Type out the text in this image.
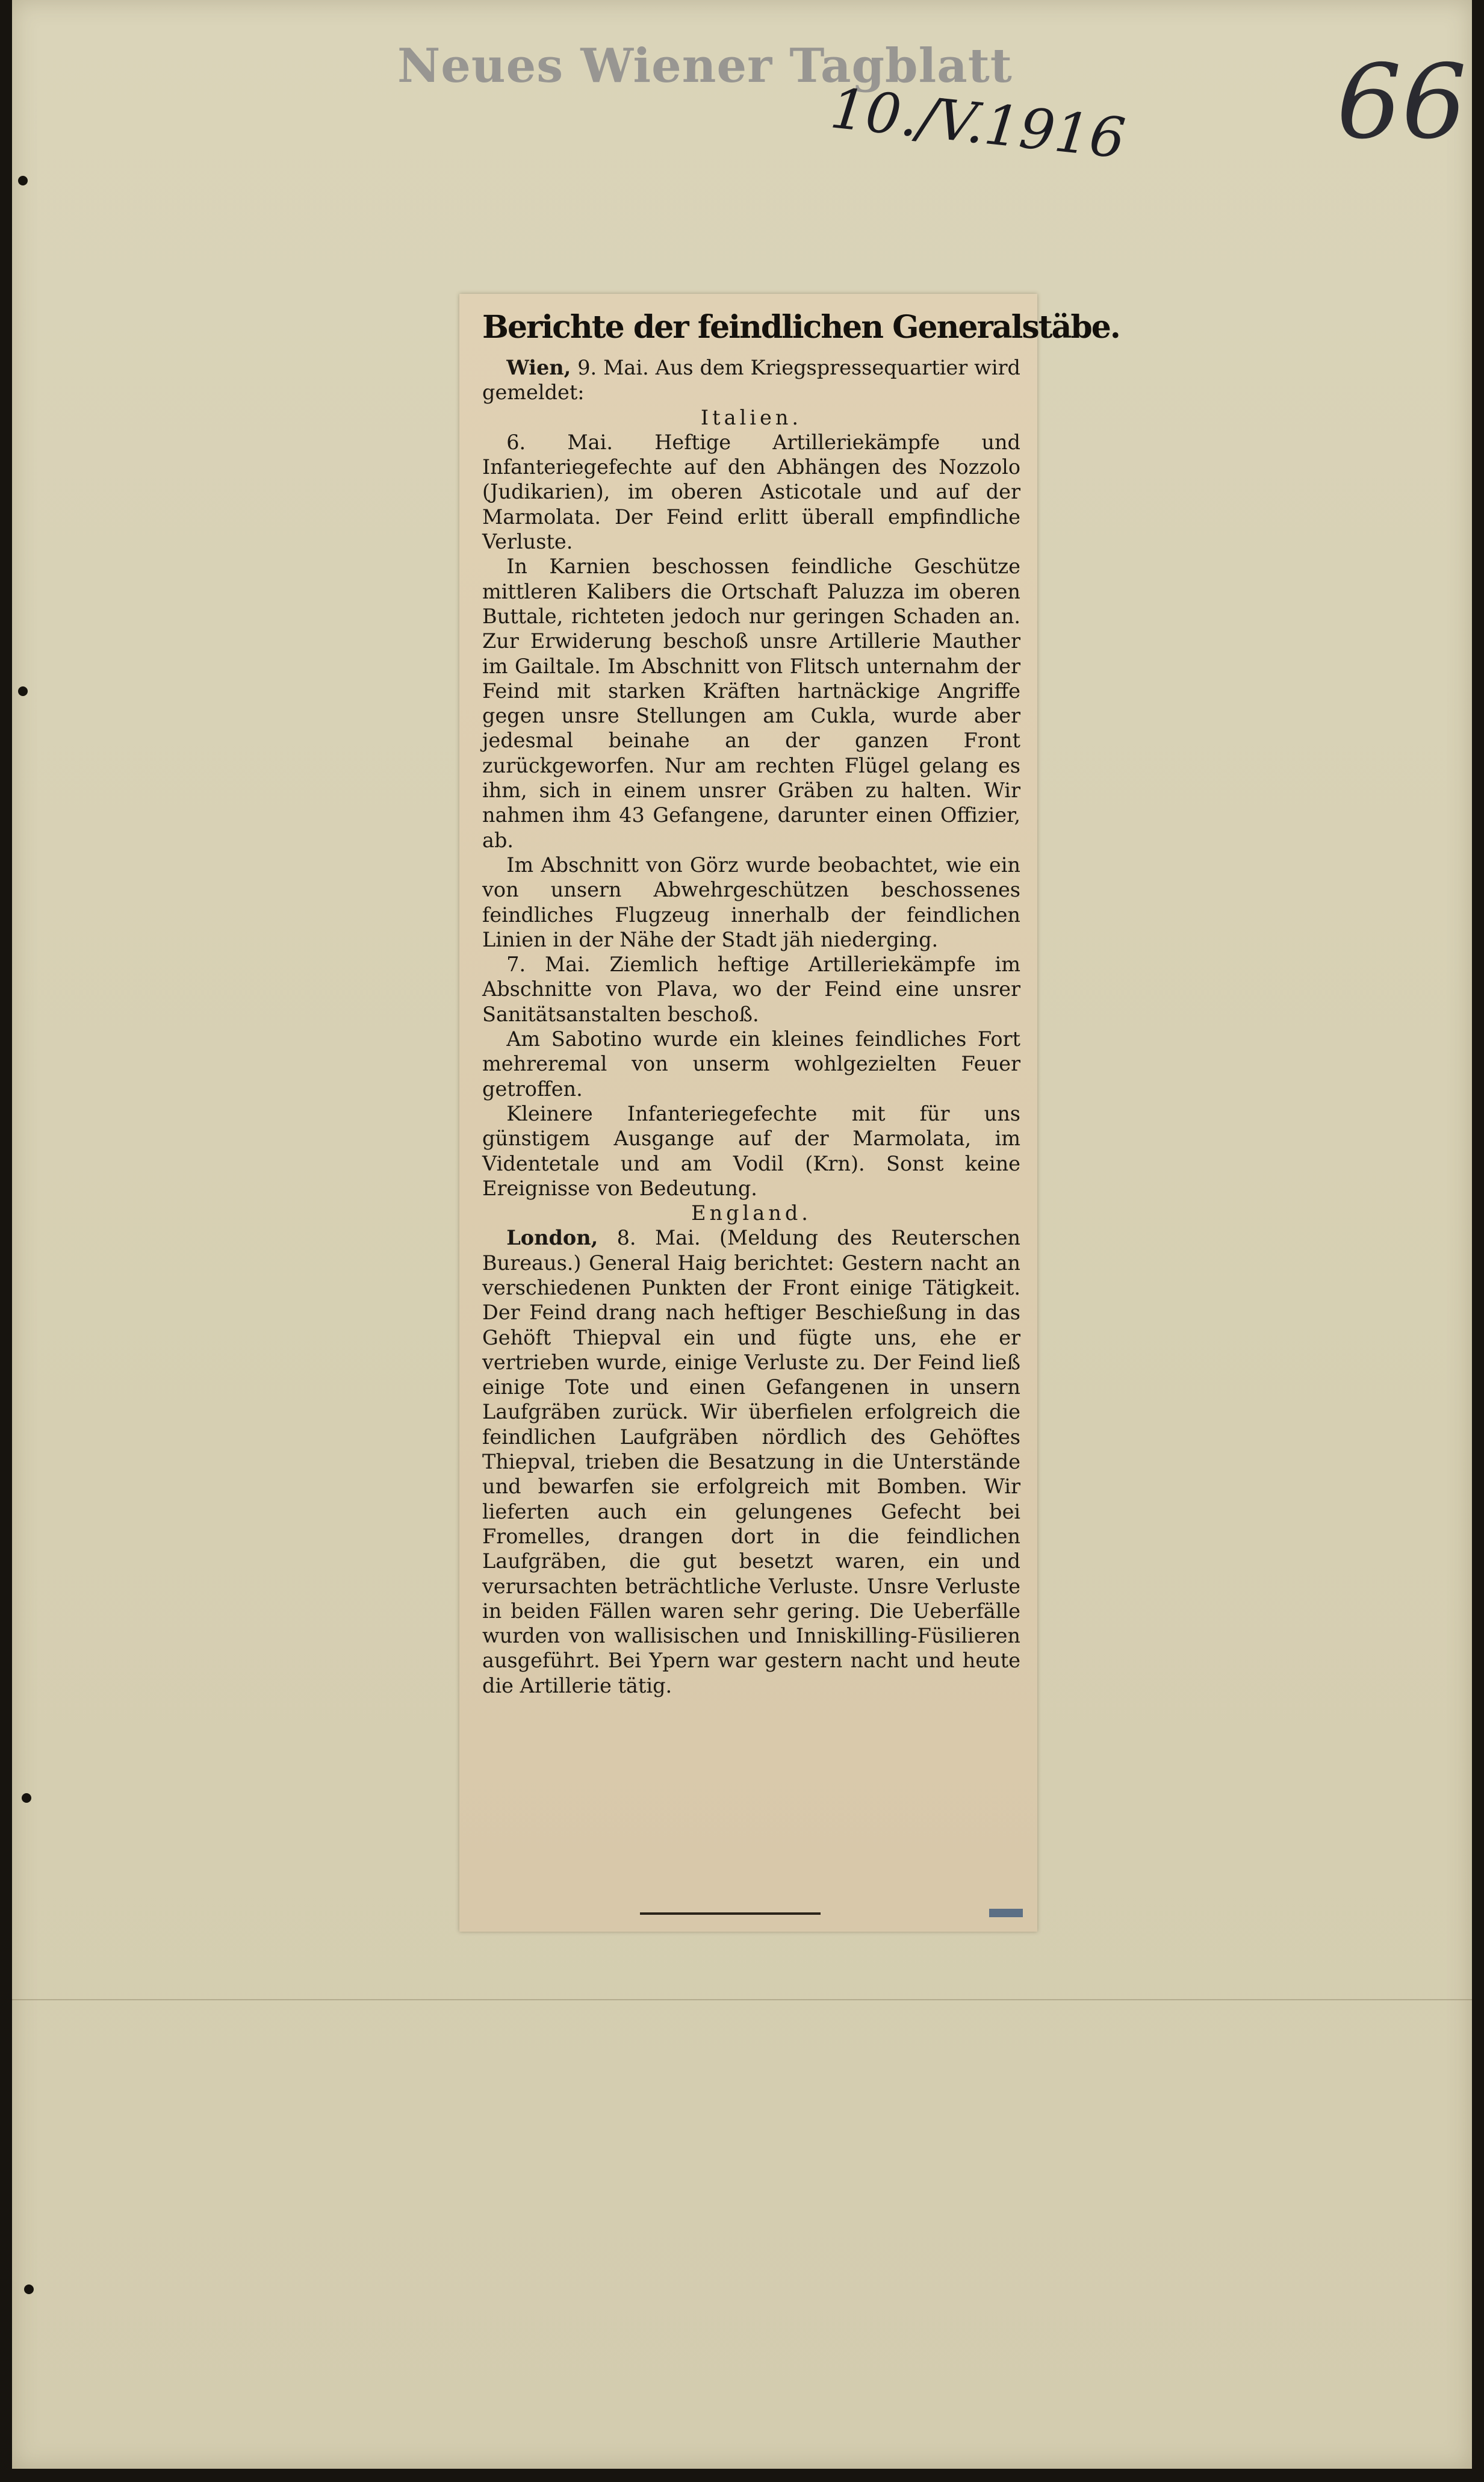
Neues Wiener Tagblatt
10./V.1916	66
Berichte der feindlichen Generalstäbe.

Wien, 9. Mai. Aus dem Kriegspressequartier wird gemeldet:

Italien.

6. Mai. Heftige Artilleriekämpfe und Infanteriegefechte auf den Abhängen des Nozzolo (Judikarien), im oberen Asticotale und auf der Marmolata. Der Feind erlitt überall empfindliche Verluste.

In Karnien beschossen feindliche Geschütze mittleren Kalibers die Ortschaft Paluzza im oberen Buttale, richteten jedoch nur geringen Schaden an. Zur Erwiderung beschoß unsre Artillerie Mauther im Gailtale. Im Abschnitt von Flitsch unternahm der Feind mit starken Kräften hartnäckige Angriffe gegen unsre Stellungen am Cukla, wurde aber jedesmal beinahe an der ganzen Front zurückgeworfen. Nur am rechten Flügel gelang es ihm, sich in einem unsrer Gräben zu halten. Wir nahmen ihm 43 Gefangene, darunter einen Offizier, ab.

Im Abschnitt von Görz wurde beobachtet, wie ein von unsern Abwehrgeschützen beschossenes feindliches Flugzeug innerhalb der feindlichen Linien in der Nähe der Stadt jäh niederging.

7. Mai. Ziemlich heftige Artilleriekämpfe im Abschnitte von Plava, wo der Feind eine unsrer Sanitätsanstalten beschoß.

Am Sabotino wurde ein kleines feindliches Fort mehreremal von unserm wohlgezielten Feuer getroffen.

Kleinere Infanteriegefechte mit für uns günstigem Ausgange auf der Marmolata, im Videntetale und am Vodil (Krn). Sonst keine Ereignisse von Bedeutung.

England.

London, 8. Mai. (Meldung des Reuterschen Bureaus.) General Haig berichtet: Gestern nacht an verschiedenen Punkten der Front einige Tätigkeit. Der Feind drang nach heftiger Beschießung in das Gehöft Thiepval ein und fügte uns, ehe er vertrieben wurde, einige Verluste zu. Der Feind ließ einige Tote und einen Gefangenen in unsern Laufgräben zurück. Wir überfielen erfolgreich die feindlichen Laufgräben nördlich des Gehöftes Thiepval, trieben die Besatzung in die Unterstände und bewarfen sie erfolgreich mit Bomben. Wir lieferten auch ein gelungenes Gefecht bei Fromelles, drangen dort in die feindlichen Laufgräben, die gut besetzt waren, ein und verursachten beträchtliche Verluste. Unsre Verluste in beiden Fällen waren sehr gering. Die Ueberfälle wurden von wallisischen und Inniskilling-Füsilieren ausgeführt. Bei Ypern war gestern nacht und heute die Artillerie tätig.
